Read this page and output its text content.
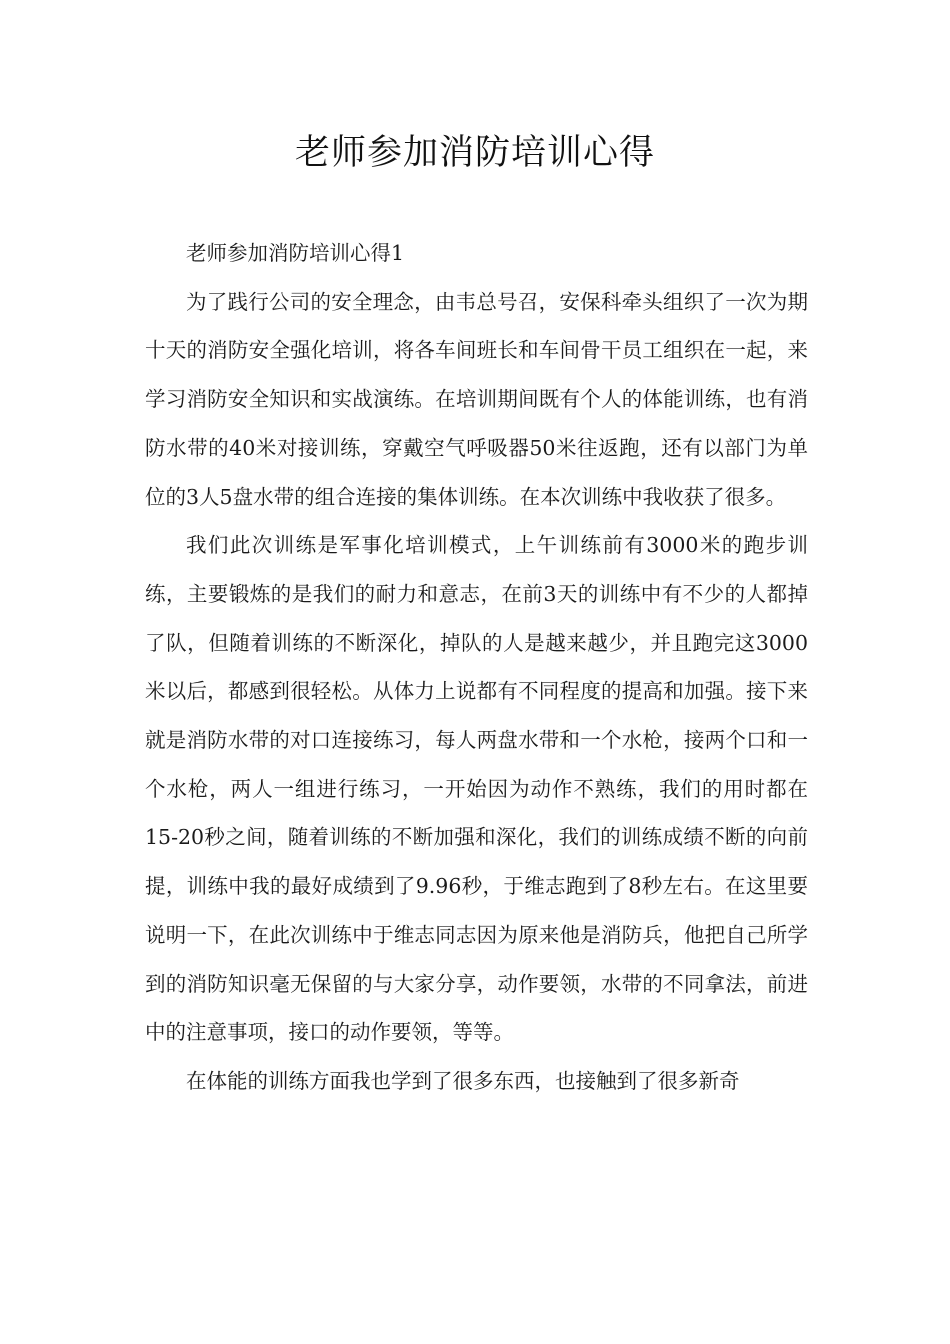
老师参加消防培训心得

老师参加消防培训心得1

为了践行公司的安全理念，由韦总号召，安保科牵头组织了一次为期十天的消防安全强化培训，将各车间班长和车间骨干员工组织在一起，来学习消防安全知识和实战演练。在培训期间既有个人的体能训练，也有消防水带的40米对接训练，穿戴空气呼吸器50米往返跑，还有以部门为单位的3人5盘水带的组合连接的集体训练。在本次训练中我收获了很多。

我们此次训练是军事化培训模式，上午训练前有3000米的跑步训练，主要锻炼的是我们的耐力和意志，在前3天的训练中有不少的人都掉了队，但随着训练的不断深化，掉队的人是越来越少，并且跑完这3000米以后，都感到很轻松。从体力上说都有不同程度的提高和加强。接下来就是消防水带的对口连接练习，每人两盘水带和一个水枪，接两个口和一个水枪，两人一组进行练习，一开始因为动作不熟练，我们的用时都在15-20秒之间，随着训练的不断加强和深化，我们的训练成绩不断的向前提，训练中我的最好成绩到了9.96秒，于维志跑到了8秒左右。在这里要说明一下，在此次训练中于维志同志因为原来他是消防兵，他把自己所学到的消防知识毫无保留的与大家分享，动作要领，水带的不同拿法，前进中的注意事项，接口的动作要领，等等。

在体能的训练方面我也学到了很多东西，也接触到了很多新奇
